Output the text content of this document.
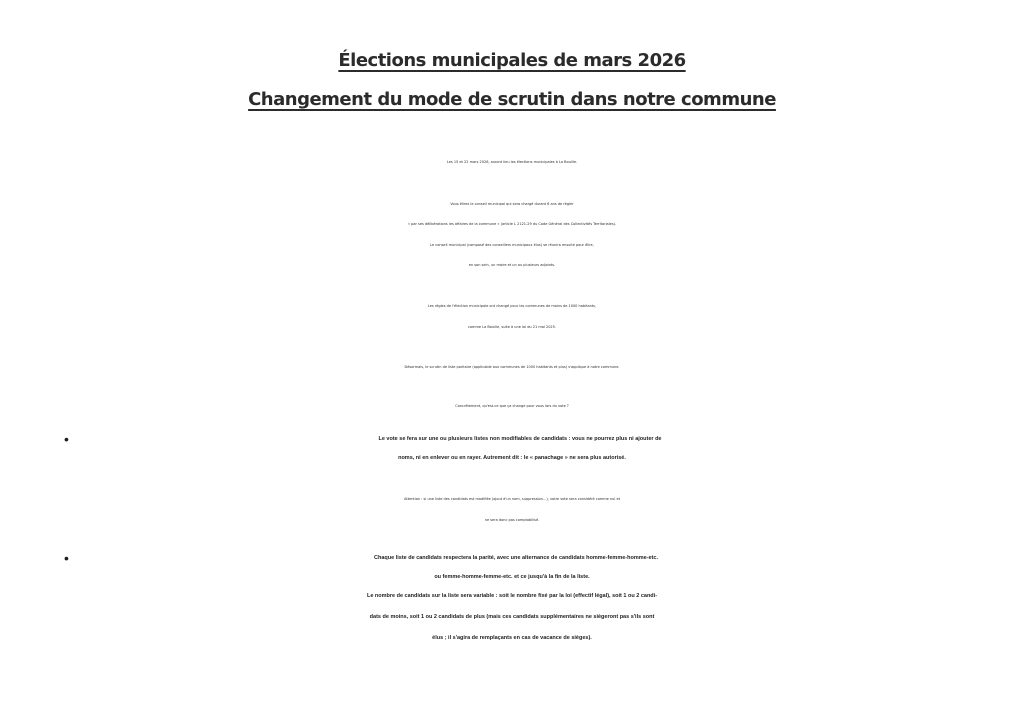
Élections municipales de mars 2026
Changement du mode de scrutin dans notre commune
Les 15 et 22 mars 2026, auront lieu les élections municipales à La Bouille.
Vous élirez le conseil municipal qui sera chargé durant 6 ans de régler
« par ses délibérations les affaires de la commune » (article L 2121-29 du Code Général des Collectivités Territoriales).
Le conseil municipal (composé des conseillers municipaux élus) se réunira ensuite pour élire,
en son sein, un maire et un ou plusieurs adjoints.
Les règles de l'élection municipale ont changé pour les communes de moins de 1000 habitants,
comme La Bouille, suite à une loi du 21 mai 2025.
Désormais, le scrutin de liste paritaire (applicable aux communes de 1000 habitants et plus) s'applique à notre commune.
Concrètement, qu'est-ce que ça change pour vous lors du vote ?
•	Le vote se fera sur une ou plusieurs listes non modifiables de candidats : vous ne pourrez plus ni ajouter de
noms, ni en enlever ou en rayer. Autrement dit : le « panachage » ne sera plus autorisé.
Attention : si une liste des candidats est modifiée (ajout d'un nom, suppression…), votre vote sera considéré comme nul et
ne sera donc pas comptabilisé.
•	Chaque liste de candidats respectera la parité, avec une alternance de candidats homme-femme-homme-etc.
ou femme-homme-femme-etc. et ce jusqu'à la fin de la liste.
Le nombre de candidats sur la liste sera variable : soit le nombre fixé par la loi (effectif légal), soit 1 ou 2 candi-
dats de moins, soit 1 ou 2 candidats de plus (mais ces candidats supplémentaires ne siègeront pas s'ils sont
élus ; il s'agira de remplaçants en cas de vacance de sièges).
